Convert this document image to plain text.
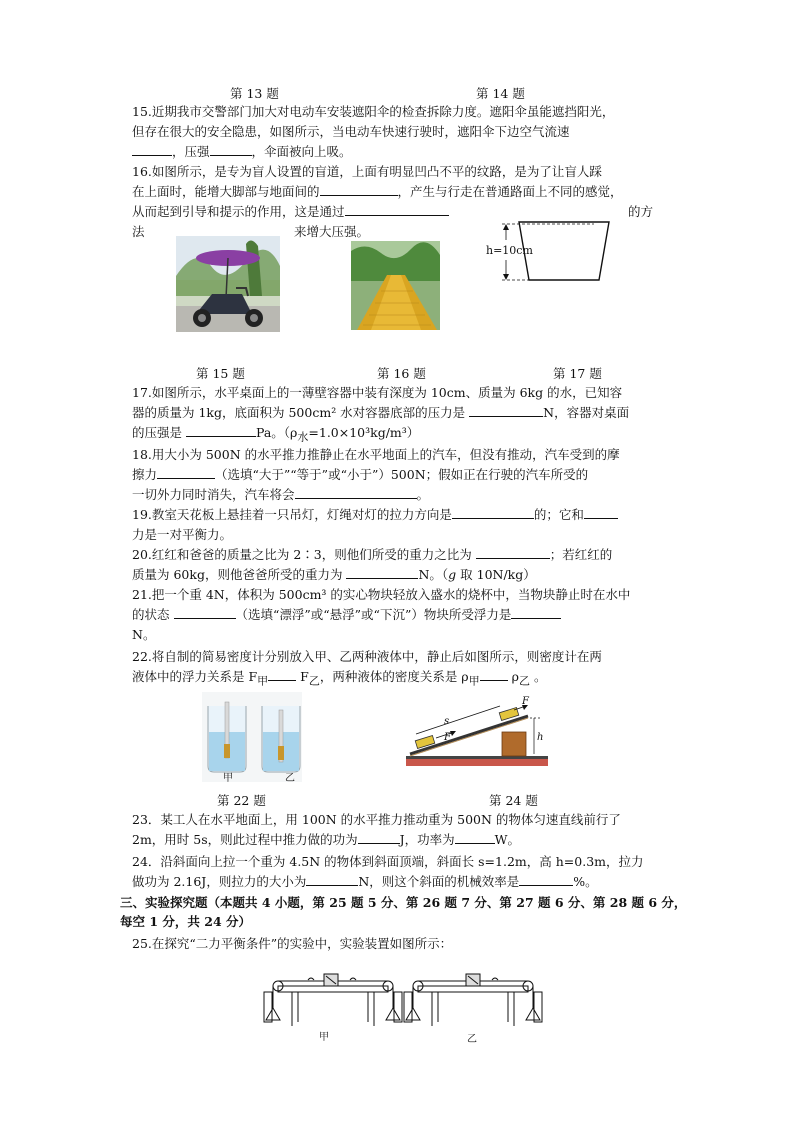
第 13 题	第 14 题
15.近期我市交警部门加大对电动车安装遮阳伞的检查拆除力度。遮阳伞虽能遮挡阳光，
但存在很大的安全隐患，如图所示，当电动车快速行驶时，遮阳伞下边空气流速
，压强	，伞面被向上吸。
16.如图所示，是专为盲人设置的盲道，上面有明显凹凸不平的纹路，是为了让盲人踩
在上面时，能增大脚部与地面间的	，产生与行走在普通路面上不同的感觉，
从而起到引导和提示的作用，这是通过	的方
法	来增大压强。
h=10cm
第 15 题	第 16 题	第 17 题
17.如图所示，水平桌面上的一薄壁容器中装有深度为 10cm、质量为 6kg 的水，已知容
器的质量为 1kg，底面积为 500cm² 水对容器底部的压力是	N，容器对桌面
的压强是	Pa。$(\rho_水=1.0\times 10^3kg/m^3)$
18.用大小为 500N 的水平推力推静止在水平地面上的汽车，但没有推动，汽车受到的摩
擦力	（选填“大于”“等于”或“小于”）500N；假如正在行驶的汽车所受的
一切外力同时消失，汽车将会	。
19.教室天花板上悬挂着一只吊灯，灯绳对灯的拉力方向是	的；它和
力是一对平衡力。
20.红红和爸爸的质量之比为 2∶3，则他们所受的重力之比为	；若红红的
质量为 60kg，则他爸爸所受的重力为	N。（g 取 10N/kg）
21.把一个重 4N，体积为 500cm³ 的实心物块轻放入盛水的烧杯中，当物块静止时在水中
的状态	（选填“漂浮”或“悬浮”或“下沉”）物块所受浮力是
N。
22.将自制的简易密度计分别放入甲、乙两种液体中，静止后如图所示，则密度计在两
液体中的浮力关系是 $F_甲$ $F_乙$，两种液体的密度关系是 $\rho_甲$ $\rho_乙$ 。
甲	乙
s
F
F
h
第 22 题	第 24 题
23．某工人在水平地面上，用 100N 的水平推力推动重为 500N 的物体匀速直线前行了
2m，用时 5s，则此过程中推力做的功为	J，功率为	W。
24．沿斜面向上拉一个重为 4.5N 的物体到斜面顶端，斜面长 s=1.2m，高 h=0.3m，拉力
做功为 2.16J，则拉力的大小为	N，则这个斜面的机械效率是	%。
三、实验探究题（本题共 4 小题，第 25 题 5 分、第 26 题 7 分、第 27 题 6 分、第 28 题 6 分，
每空 1 分，共 24 分）
25.在探究“二力平衡条件”的实验中，实验装置如图所示：
甲	乙
